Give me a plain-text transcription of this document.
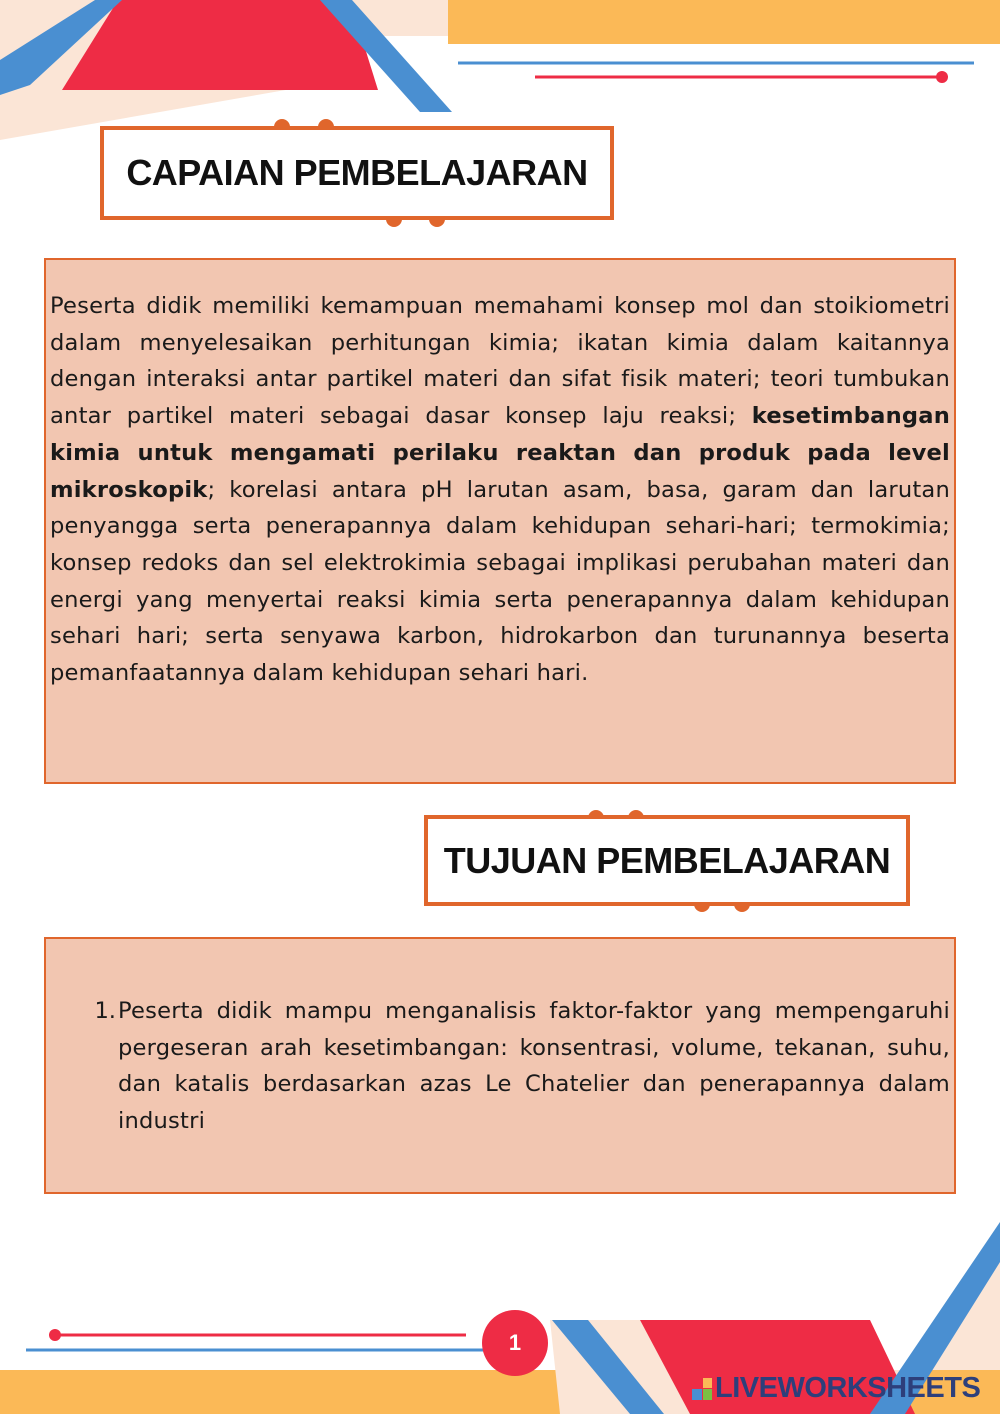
CAPAIAN PEMBELAJARAN

Peserta didik memiliki kemampuan memahami konsep mol dan stoikiometri dalam menyelesaikan perhitungan kimia; ikatan kimia dalam kaitannya dengan interaksi antar partikel materi dan sifat fisik materi; teori tumbukan antar partikel materi sebagai dasar konsep laju reaksi; kesetimbangan kimia untuk mengamati perilaku reaktan dan produk pada level mikroskopik; korelasi antara pH larutan asam, basa, garam dan larutan penyangga serta penerapannya dalam kehidupan sehari-hari; termokimia; konsep redoks dan sel elektrokimia sebagai implikasi perubahan materi dan energi yang menyertai reaksi kimia serta penerapannya dalam kehidupan sehari hari; serta senyawa karbon, hidrokarbon dan turunannya beserta pemanfaatannya dalam kehidupan sehari hari.

TUJUAN PEMBELAJARAN
1. Peserta didik mampu menganalisis faktor-faktor yang mempengaruhi pergeseran arah kesetimbangan: konsentrasi, volume, tekanan, suhu, dan katalis berdasarkan azas Le Chatelier dan penerapannya dalam industri

1
LIVEWORKSHEETS
